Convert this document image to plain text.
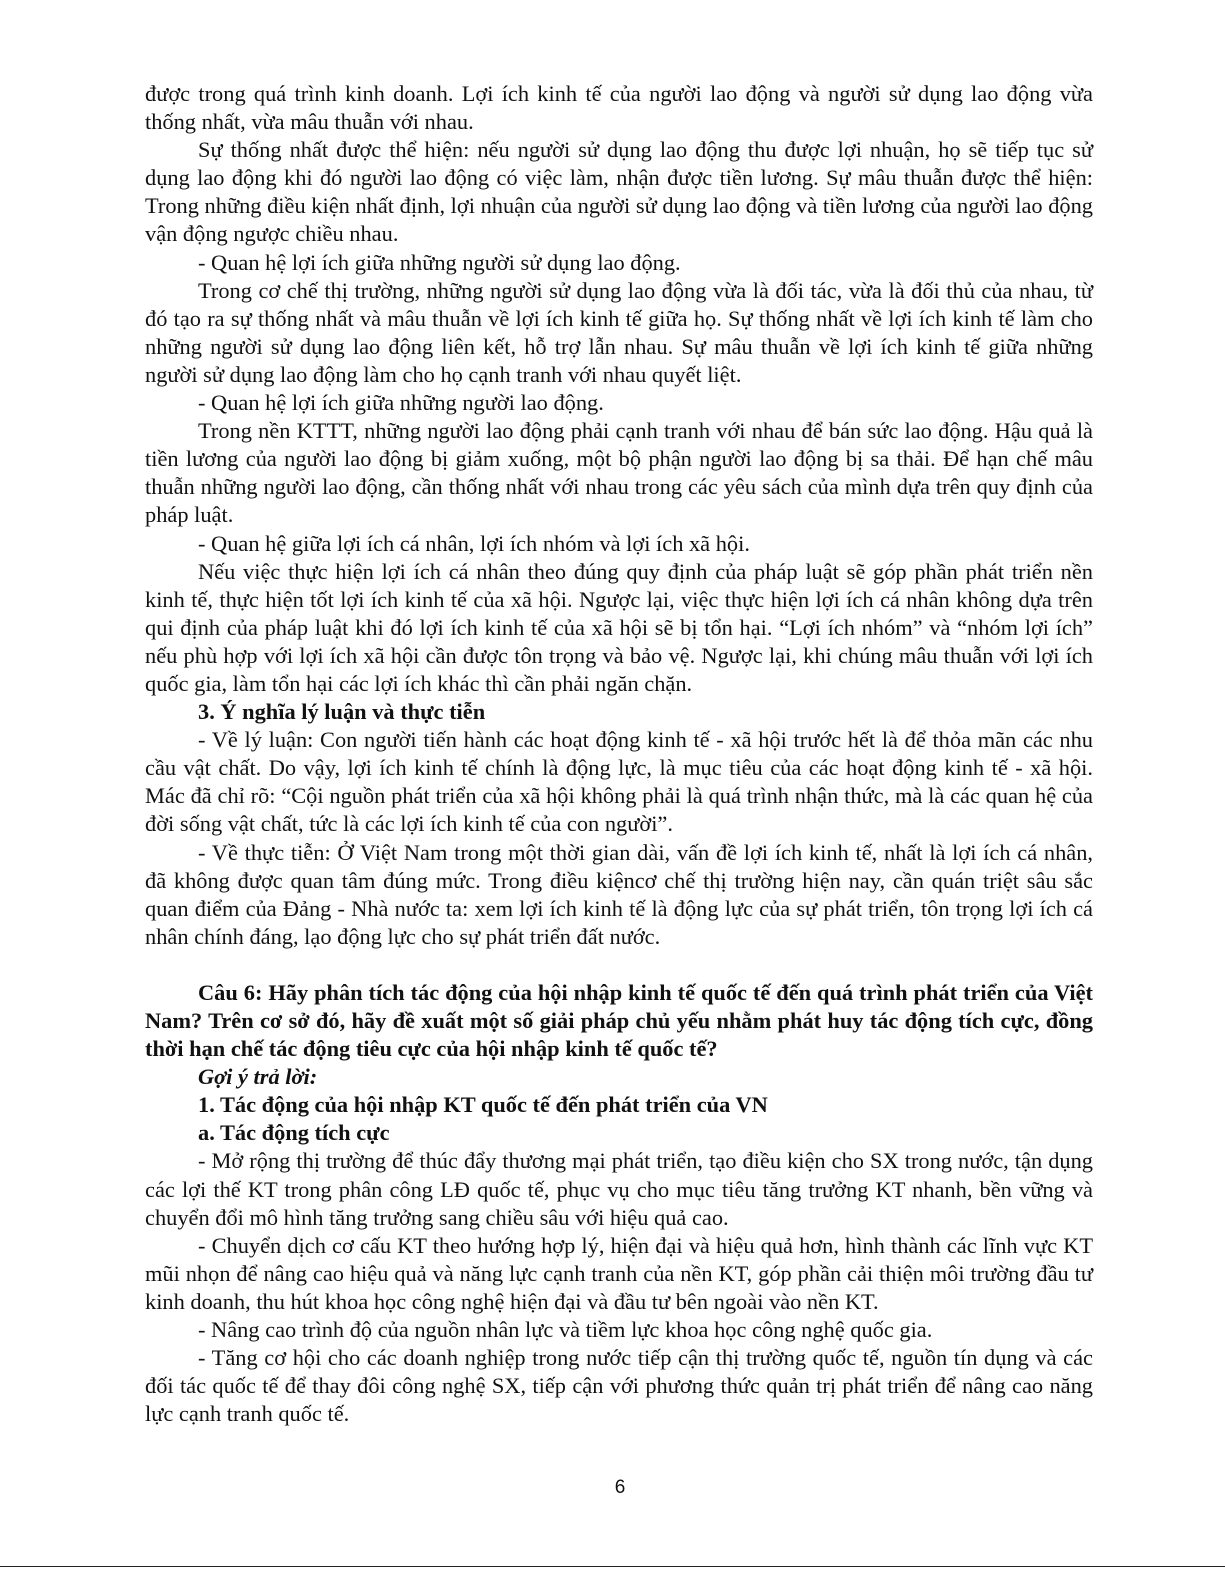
được trong quá trình kinh doanh. Lợi ích kinh tế của người lao động và người sử dụng lao động vừa thống nhất, vừa mâu thuẫn với nhau.

Sự thống nhất được thể hiện: nếu người sử dụng lao động thu được lợi nhuận, họ sẽ tiếp tục sử dụng lao động khi đó người lao động có việc làm, nhận được tiền lương. Sự mâu thuẫn được thể hiện: Trong những điều kiện nhất định, lợi nhuận của người sử dụng lao động và tiền lương của người lao động vận động ngược chiều nhau.

- Quan hệ lợi ích giữa những người sử dụng lao động.

Trong cơ chế thị trường, những người sử dụng lao động vừa là đối tác, vừa là đối thủ của nhau, từ đó tạo ra sự thống nhất và mâu thuẫn về lợi ích kinh tế giữa họ. Sự thống nhất về lợi ích kinh tế làm cho những người sử dụng lao động liên kết, hỗ trợ lẫn nhau. Sự mâu thuẫn về lợi ích kinh tế giữa những người sử dụng lao động làm cho họ cạnh tranh với nhau quyết liệt.

- Quan hệ lợi ích giữa những người lao động.

Trong nền KTTT, những người lao động phải cạnh tranh với nhau để bán sức lao động. Hậu quả là tiền lương của người lao động bị giảm xuống, một bộ phận người lao động bị sa thải. Để hạn chế mâu thuẫn những người lao động, cần thống nhất với nhau trong các yêu sách của mình dựa trên quy định của pháp luật.

- Quan hệ giữa lợi ích cá nhân, lợi ích nhóm và lợi ích xã hội.

Nếu việc thực hiện lợi ích cá nhân theo đúng quy định của pháp luật sẽ góp phần phát triển nền kinh tế, thực hiện tốt lợi ích kinh tế của xã hội. Ngược lại, việc thực hiện lợi ích cá nhân không dựa trên qui định của pháp luật khi đó lợi ích kinh tế của xã hội sẽ bị tổn hại. “Lợi ích nhóm” và “nhóm lợi ích” nếu phù hợp với lợi ích xã hội cần được tôn trọng và bảo vệ. Ngược lại, khi chúng mâu thuẫn với lợi ích quốc gia, làm tổn hại các lợi ích khác thì cần phải ngăn chặn.

3. Ý nghĩa lý luận và thực tiễn

- Về lý luận: Con người tiến hành các hoạt động kinh tế - xã hội trước hết là để thỏa mãn các nhu cầu vật chất. Do vậy, lợi ích kinh tế chính là động lực, là mục tiêu của các hoạt động kinh tế - xã hội. Mác đã chỉ rõ: “Cội nguồn phát triển của xã hội không phải là quá trình nhận thức, mà là các quan hệ của đời sống vật chất, tức là các lợi ích kinh tế của con người”.

- Về thực tiễn: Ở Việt Nam trong một thời gian dài, vấn đề lợi ích kinh tế, nhất là lợi ích cá nhân, đã không được quan tâm đúng mức. Trong điều kiệncơ chế thị trường hiện nay, cần quán triệt sâu sắc quan điểm của Đảng - Nhà nước ta: xem lợi ích kinh tế là động lực của sự phát triển, tôn trọng lợi ích cá nhân chính đáng, lạo động lực cho sự phát triển đất nước.

Câu 6: Hãy phân tích tác động của hội nhập kinh tế quốc tế đến quá trình phát triển của Việt Nam? Trên cơ sở đó, hãy đề xuất một số giải pháp chủ yếu nhằm phát huy tác động tích cực, đồng thời hạn chế tác động tiêu cực của hội nhập kinh tế quốc tế?

Gợi ý trả lời:

1. Tác động của hội nhập KT quốc tế đến phát triển của VN

a. Tác động tích cực

- Mở rộng thị trường để thúc đẩy thương mại phát triển, tạo điều kiện cho SX trong nước, tận dụng các lợi thế KT trong phân công LĐ quốc tế, phục vụ cho mục tiêu tăng trưởng KT nhanh, bền vững và chuyển đổi mô hình tăng trưởng sang chiều sâu với hiệu quả cao.

- Chuyển dịch cơ cấu KT theo hướng hợp lý, hiện đại và hiệu quả hơn, hình thành các lĩnh vực KT mũi nhọn để nâng cao hiệu quả và năng lực cạnh tranh của nền KT, góp phần cải thiện môi trường đầu tư kinh doanh, thu hút khoa học công nghệ hiện đại và đầu tư bên ngoài vào nền KT.

- Nâng cao trình độ của nguồn nhân lực và tiềm lực khoa học công nghệ quốc gia.

- Tăng cơ hội cho các doanh nghiệp trong nước tiếp cận thị trường quốc tế, nguồn tín dụng và các đối tác quốc tế để thay đôi công nghệ SX, tiếp cận với phương thức quản trị phát triển để nâng cao năng lực cạnh tranh quốc tế.

6
